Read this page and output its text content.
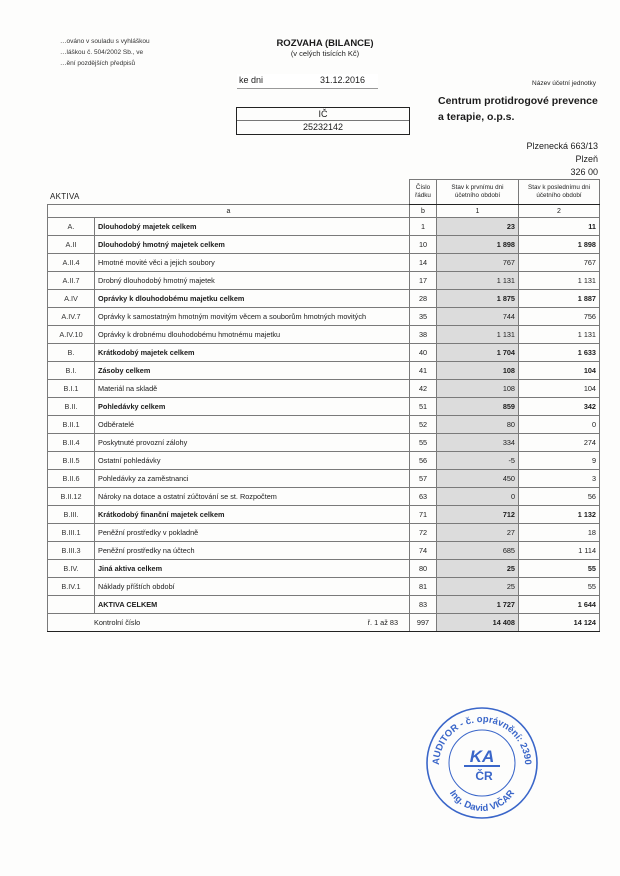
…ováno v souladu s vyhláškou
…láškou č. 504/2002 Sb., ve
…ění pozdějších předpisů
ROZVAHA (BILANCE)
(v celých tisících Kč)
ke dni	31.12.2016
IČ
25232142
Název účetní jednotky
Centrum protidrogové prevence
a terapie, o.p.s.
Plzenecká 663/13
Plzeň
326 00
AKTIVA
		Číslo řádku	Stav k prvnímu dni účetního období	Stav k poslednímu dni účetního období
a		b	1	2
A.	Dlouhodobý majetek celkem	1	23	11
A.II	Dlouhodobý hmotný majetek celkem	10	1 898	1 898
A.II.4	Hmotné movité věci a jejich soubory	14	767	767
A.II.7	Drobný dlouhodobý hmotný majetek	17	1 131	1 131
A.IV	Oprávky k dlouhodobému majetku celkem	28	1 875	1 887
A.IV.7	Oprávky k samostatným hmotným movitým věcem a souborům hmotných movitých	35	744	756
A.IV.10	Oprávky k drobnému dlouhodobému hmotnému majetku	38	1 131	1 131
B.	Krátkodobý majetek celkem	40	1 704	1 633
B.I.	Zásoby celkem	41	108	104
B.I.1	Materiál na skladě	42	108	104
B.II.	Pohledávky celkem	51	859	342
B.II.1	Odběratelé	52	80	0
B.II.4	Poskytnuté provozní zálohy	55	334	274
B.II.5	Ostatní pohledávky	56	-5	9
B.II.6	Pohledávky za zaměstnanci	57	450	3
B.II.12	Nároky na dotace a ostatní zúčtování se st. Rozpočtem	63	0	56
B.III.	Krátkodobý finanční majetek celkem	71	712	1 132
B.III.1	Peněžní prostředky v pokladně	72	27	18
B.III.3	Peněžní prostředky na účtech	74	685	1 114
B.IV.	Jiná aktiva celkem	80	25	55
B.IV.1	Náklady příštích období	81	25	55
	AKTIVA CELKEM	83	1 727	1 644
Kontrolní číslo ř. 1 až 83		997	14 408	14 124
AUDITOR - č. oprávnění: 2390
Ing. David VIČAR
KA
ČR
